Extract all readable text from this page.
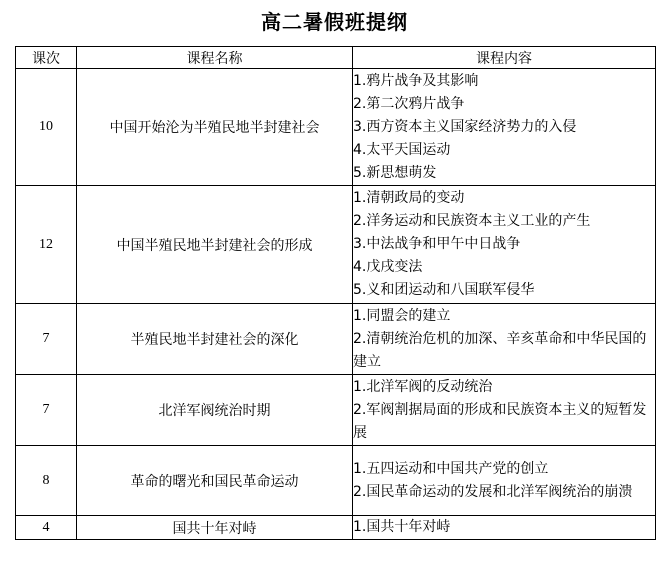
高二暑假班提纲
课次	课程名称	课程内容
10	中国开始沦为半殖民地半封建社会	1.鸦片战争及其影响
2.第二次鸦片战争
3.西方资本主义国家经济势力的入侵
4.太平天国运动
5.新思想萌发

12	中国半殖民地半封建社会的形成	1.清朝政局的变动
2.洋务运动和民族资本主义工业的产生
3.中法战争和甲午中日战争
4.戊戌变法
5.义和团运动和八国联军侵华

7	半殖民地半封建社会的深化	1.同盟会的建立
2.清朝统治危机的加深、辛亥革命和中华民国的建立

7	北洋军阀统治时期	1.北洋军阀的反动统治
2.军阀割据局面的形成和民族资本主义的短暂发展

8	革命的曙光和国民革命运动	1.五四运动和中国共产党的创立
2.国民革命运动的发展和北洋军阀统治的崩溃

4	国共十年对峙	1.国共十年对峙
